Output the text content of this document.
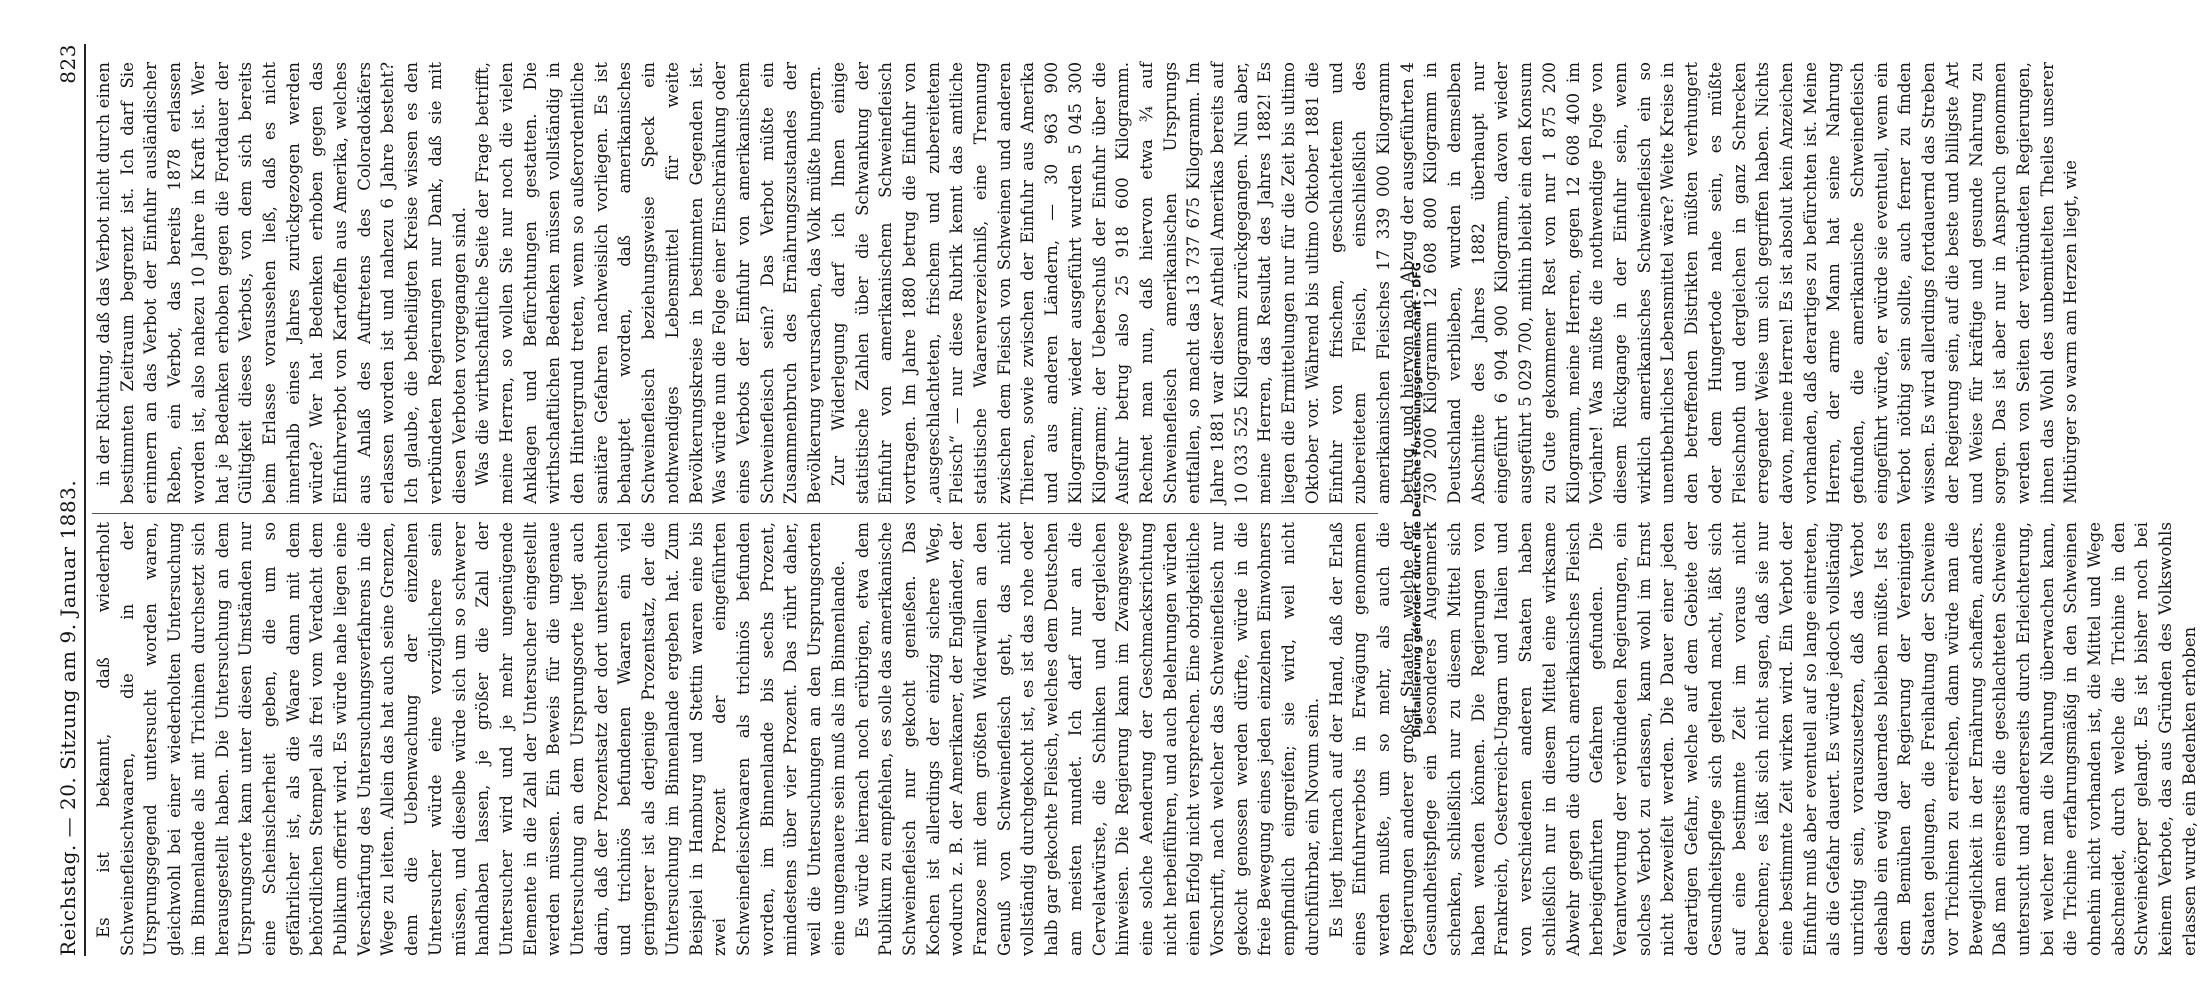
Reichstag. — 20. Sitzung am 9. Januar 1883.
823

Es ist bekannt, daß wiederholt Schweinefleischwaaren, die in der Ursprungsgegend untersucht worden waren, gleichwohl bei einer wiederholten Untersuchung im Binnenlande als mit Trichinen durchsetzt sich herausgestellt haben. Die Untersuchung an dem Ursprungsorte kann unter diesen Umständen nur eine Scheinsicherheit geben, die um so gefährlicher ist, als die Waare dann mit dem behördlichen Stempel als frei vom Verdacht dem Publikum offerirt wird. Es würde nahe liegen eine Verschärfung des Untersuchungsverfahrens in die Wege zu leiten. Allein das hat auch seine Grenzen, denn die Uebenwachung der einzelnen Untersucher würde eine vorzüglichere sein müssen, und dieselbe würde sich um so schwerer handhaben lassen, je größer die Zahl der Untersucher wird und je mehr ungenügende Elemente in die Zahl der Untersucher eingestellt werden müssen. Ein Beweis für die ungenaue Untersuchung an dem Ursprungsorte liegt auch darin, daß der Prozentsatz der dort untersuchten und trichinös befundenen Waaren ein viel geringerer ist als derjenige Prozentsatz, der die Untersuchung im Binnenlande ergeben hat. Zum Beispiel in Hamburg und Stettin waren eine bis zwei Prozent der eingeführten Schweinefleischwaaren als trichinös befunden worden, im Binnenlande bis sechs Prozent, mindestens über vier Prozent. Das rührt daher, weil die Untersuchungen an den Ursprungsorten eine ungenauere sein muß als im Binnenlande. Es würde hiernach noch erübrigen, etwa dem Publikum zu empfehlen, es solle das amerikanische Schweinefleisch nur gekocht genießen. Das Kochen ist allerdings der einzig sichere Weg, wodurch z. B. der Amerikaner, der Engländer, der Franzose mit dem größten Widerwillen an den Genuß von Schweinefleisch geht, das nicht vollständig durchgekocht ist, es ist das rohe oder halb gar gekochte Fleisch, welches dem Deutschen am meisten mundet. Ich darf nur an die Cervelatwürste, die Schinken und dergleichen hinweisen. Die Regierung kann im Zwangswege eine solche Aenderung der Geschmacksrichtung nicht herbeiführen, und auch Belehrungen würden einen Erfolg nicht versprechen. Eine obrigkeitliche Vorschrift, nach welcher das Schweinefleisch nur gekocht genossen werden dürfte, würde in die freie Bewegung eines jeden einzelnen Einwohners empfindlich eingreifen; sie wird, weil nicht durchführbar, ein Novum sein. Es liegt hiernach auf der Hand, daß der Erlaß eines Einfuhrverbots in Erwägung genommen werden mußte, um so mehr, als auch die Regierungen anderer großer Staaten, welche der Gesundheitspflege ein besonderes Augenmerk schenken, schließlich nur zu diesem Mittel sich haben wenden können. Die Regierungen von Frankreich, Oesterreich-Ungarn und Italien und von verschiedenen anderen Staaten haben schließlich nur in diesem Mittel eine wirksame Abwehr gegen die durch amerikanisches Fleisch herbeigeführten Gefahren gefunden. Die Verantwortung der verbündeten Regierungen, ein solches Verbot zu erlassen, kann wohl im Ernst nicht bezweifelt werden. Die Dauer einer jeden derartigen Gefahr, welche auf dem Gebiete der Gesundheitspflege sich geltend macht, läßt sich auf eine bestimmte Zeit im voraus nicht berechnen; es läßt sich nicht sagen, daß sie nur eine bestimmte Zeit wirken wird. Ein Verbot der Einfuhr muß aber eventuell auf so lange eintreten, als die Gefahr dauert. Es würde jedoch vollständig unrichtig sein, vorauszusetzen, daß das Verbot deshalb ein ewig dauerndes bleiben müßte. Ist es dem Bemühen der Regierung der Vereinigten Staaten gelungen, die Freihaltung der Schweine vor Trichinen zu erreichen, dann würde man die Beweglichkeit in der Ernährung schaffen, anders. Daß man einerseits die geschlachteten Schweine untersucht und andererseits durch Erleichterung, bei welcher man die Nahrung überwachen kann, die Trichine erfahrungsmäßig in den Schweinen ohnehin nicht vorhanden ist, die Mittel und Wege abschneidet, durch welche die Trichine in den Schweinekörper gelangt. Es ist bisher noch bei keinem Verbote, das aus Gründen des Volkswohls erlassen wurde, ein Bedenken erhoben

in der Richtung, daß das Verbot nicht durch einen bestimmten Zeitraum begrenzt ist. Ich darf Sie erinnern an das Verbot der Einfuhr ausländischer Reben, ein Verbot, das bereits 1878 erlassen worden ist, also nahezu 10 Jahre in Kraft ist. Wer hat je Bedenken erhoben gegen die Fortdauer der Gültigkeit dieses Verbots, von dem sich bereits beim Erlasse voraussehen ließ, daß es nicht innerhalb eines Jahres zurückgezogen werden würde? Wer hat Bedenken erhoben gegen das Einfuhrverbot von Kartoffeln aus Amerika, welches aus Anlaß des Auftretens des Coloradokäfers erlassen worden ist und nahezu 6 Jahre besteht? Ich glaube, die betheiligten Kreise wissen es den verbündeten Regierungen nur Dank, daß sie mit diesen Verboten vorgegangen sind. Was die wirthschaftliche Seite der Frage betrifft, meine Herren, so wollen Sie nur noch die vielen Anklagen und Befürchtungen gestatten. Die wirthschaftlichen Bedenken müssen vollständig in den Hintergrund treten, wenn so außerordentliche sanitäre Gefahren nachweislich vorliegen. Es ist behauptet worden, daß amerikanisches Schweinefleisch beziehungsweise Speck ein nothwendiges Lebensmittel für weite Bevölkerungskreise in bestimmten Gegenden ist. Was würde nun die Folge einer Einschränkung oder eines Verbots der Einfuhr von amerikanischem Schweinefleisch sein? Das Verbot müßte ein Zusammenbruch des Ernährungszustandes der Bevölkerung verursachen, das Volk müßte hungern. Zur Widerlegung darf ich Ihnen einige statistische Zahlen über die Schwankung der Einfuhr von amerikanischem Schweinefleisch vortragen. Im Jahre 1880 betrug die Einfuhr von „ausgeschlachteten, frischem und zubereitetem Fleisch“ — nur diese Rubrik kennt das amtliche statistische Waarenverzeichniß, eine Trennung zwischen dem Fleisch von Schweinen und anderen Thieren, sowie zwischen der Einfuhr aus Amerika und aus anderen Ländern, — 30 963 900 Kilogramm; wieder ausgeführt wurden 5 045 300 Kilogramm; der Ueberschuß der Einfuhr über die Ausfuhr betrug also 25 918 600 Kilogramm. Rechnet man nun, daß hiervon etwa ¾ auf Schweinefleisch amerikanischen Ursprungs entfallen, so macht das 13 737 675 Kilogramm. Im Jahre 1881 war dieser Antheil Amerikas bereits auf 10 033 525 Kilogramm zurückgegangen. Nun aber, meine Herren, das Resultat des Jahres 1882! Es liegen die Ermittelungen nur für die Zeit bis ultimo Oktober vor. Während bis ultimo Oktober 1881 die Einfuhr von frischem, geschlachtetem und zubereitetem Fleisch, einschließlich des amerikanischen Fleisches 17 339 000 Kilogramm betrug, und hiervon nach Abzug der ausgeführten 4 730 200 Kilogramm 12 608 800 Kilogramm in Deutschland verblieben, wurden in demselben Abschnitte des Jahres 1882 überhaupt nur eingeführt 6 904 900 Kilogramm, davon wieder ausgeführt 5 029 700, mithin bleibt ein den Konsum zu Gute gekommener Rest von nur 1 875 200 Kilogramm, meine Herren, gegen 12 608 400 im Vorjahre! Was müßte die nothwendige Folge von diesem Rückgange in der Einfuhr sein, wenn wirklich amerikanisches Schweinefleisch ein so unentbehrliches Lebensmittel wäre? Weite Kreise in den betreffenden Distrikten müßten verhungert oder dem Hungertode nahe sein, es müßte Fleischnoth und dergleichen in ganz Schrecken erregender Weise um sich gegriffen haben. Nichts davon, meine Herren! Es ist absolut kein Anzeichen vorhanden, daß derartiges zu befürchten ist. Meine Herren, der arme Mann hat seine Nahrung gefunden, die amerikanische Schweinefleisch eingeführt würde, er würde sie eventuell, wenn ein Verbot nöthig sein sollte, auch ferner zu finden wissen. Es wird allerdings fortdauernd das Streben der Regierung sein, auf die beste und billigste Art und Weise für kräftige und gesunde Nahrung zu sorgen. Das ist aber nur in Anspruch genommen werden von Seiten der verbündeten Regierungen, ihnen das Wohl des unbemittelten Theiles unserer Mitbürger so warm am Herzen liegt, wie

Digitalisierung gefördert durch die Deutsche Forschungsgemeinschaft - DFG
